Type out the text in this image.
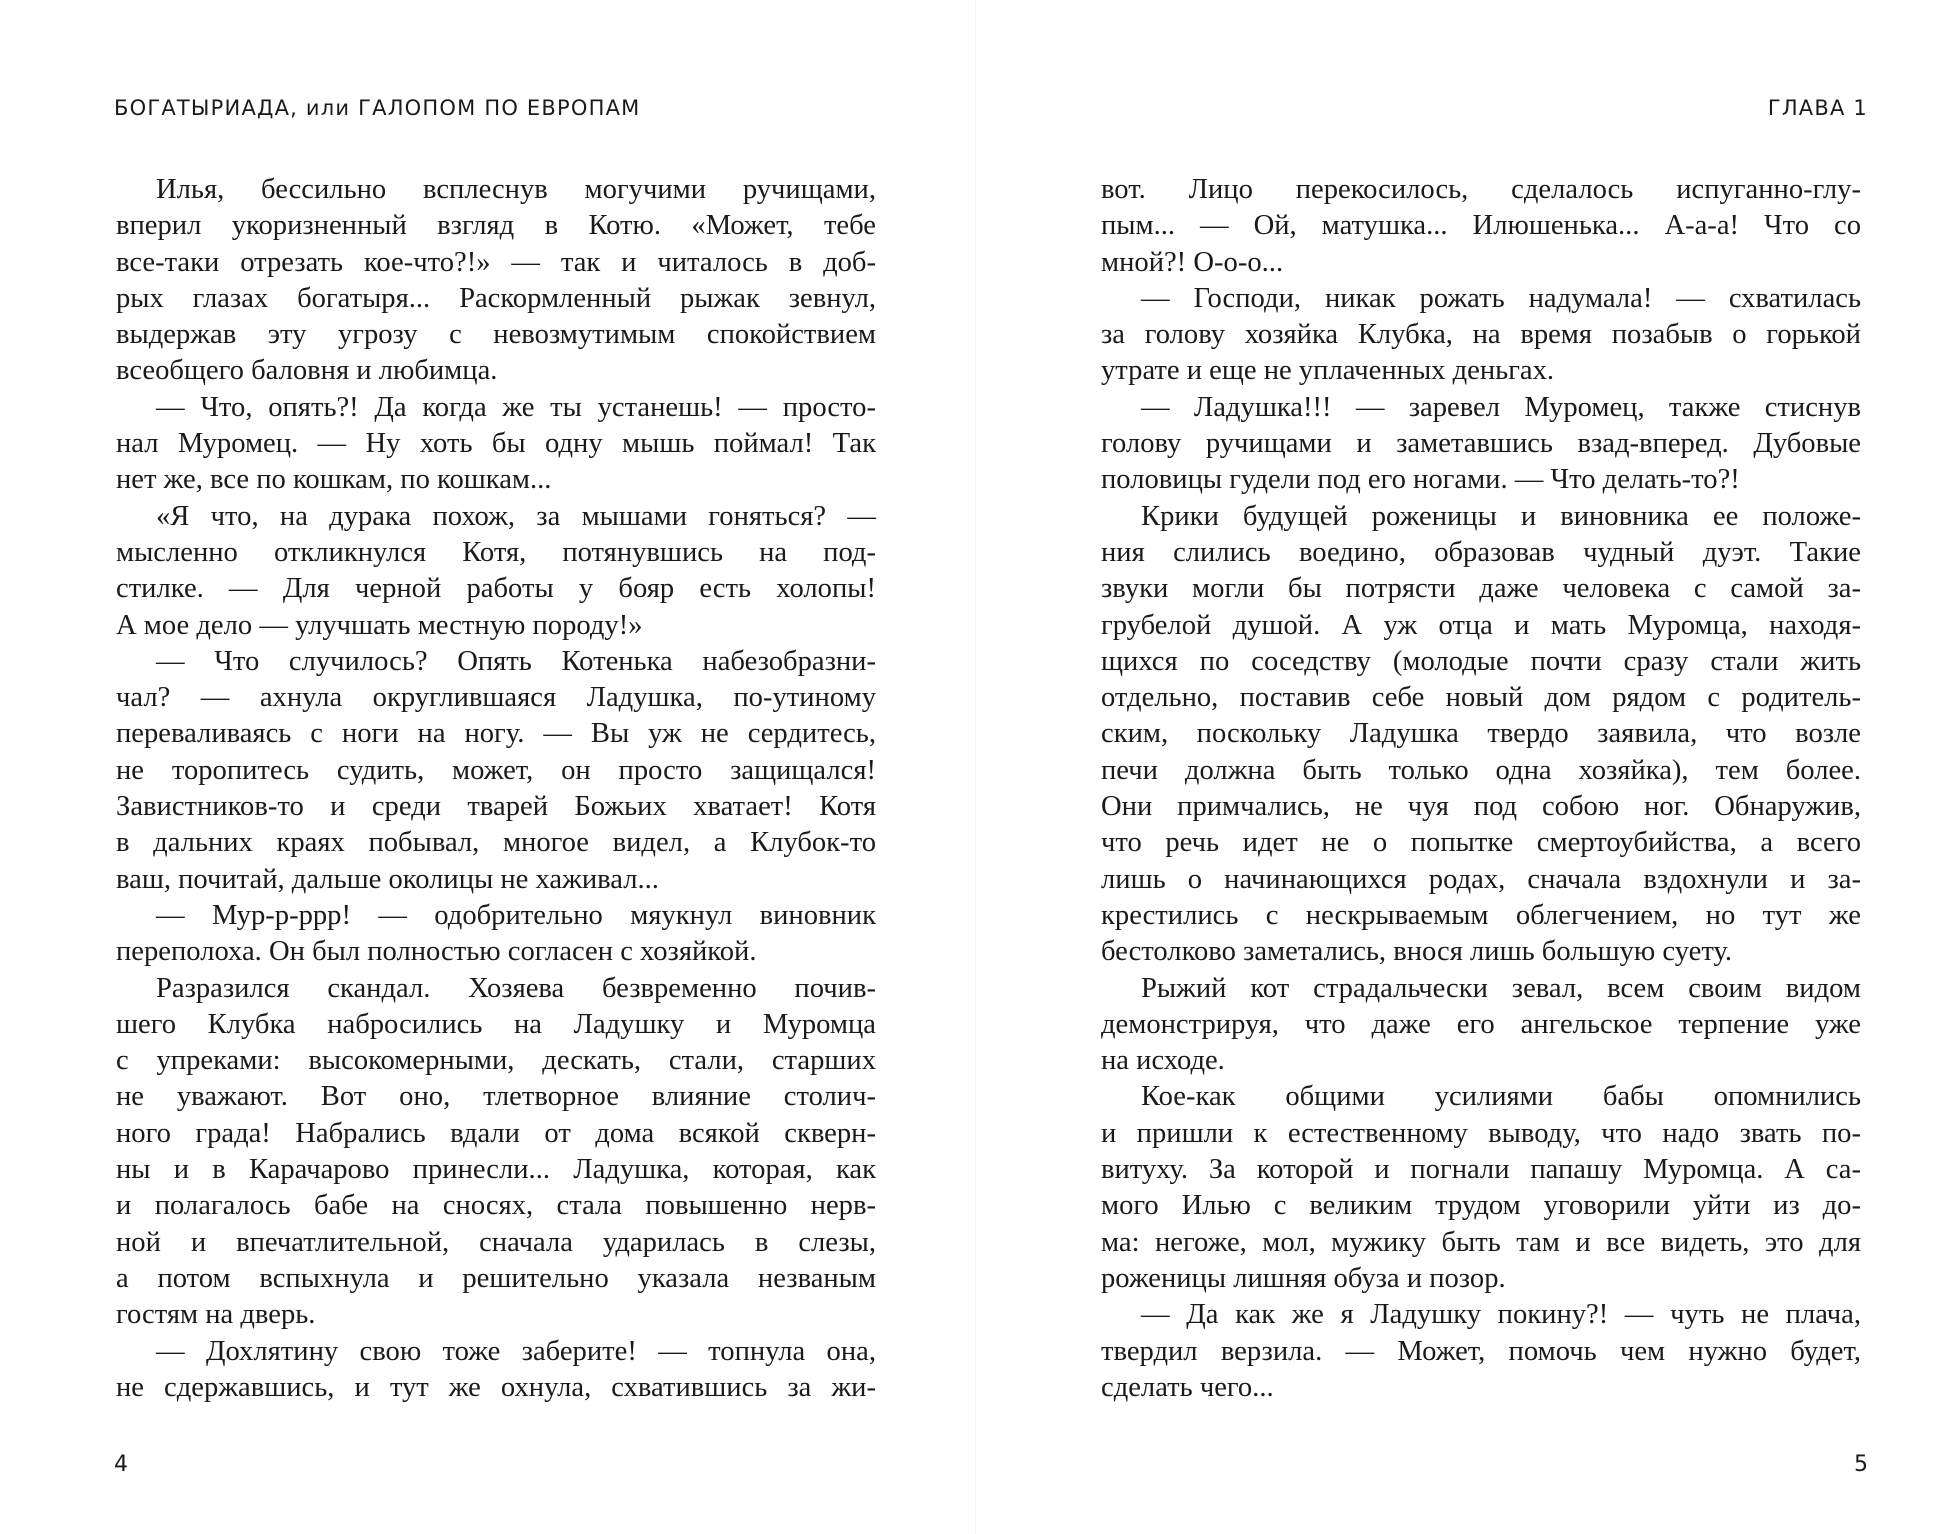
БОГАТЫРИАДА, или ГАЛОПОМ ПО ЕВРОПАМ
Илья, бессильно всплеснув могучими ручищами,
вперил укоризненный взгляд в Котю. «Может, тебе
все-таки отрезать кое-что?!» — так и читалось в доб-
рых глазах богатыря... Раскормленный рыжак зевнул,
выдержав эту угрозу с невозмутимым спокойствием
всеобщего баловня и любимца.
— Что, опять?! Да когда же ты устанешь! — просто-
нал Муромец. — Ну хоть бы одну мышь поймал! Так
нет же, все по кошкам, по кошкам...
«Я что, на дурака похож, за мышами гоняться? —
мысленно откликнулся Котя, потянувшись на под-
стилке. — Для черной работы у бояр есть холопы!
А мое дело — улучшать местную породу!»
— Что случилось? Опять Котенька набезобразни-
чал? — ахнула округлившаяся Ладушка, по-утиному
переваливаясь с ноги на ногу. — Вы уж не сердитесь,
не торопитесь судить, может, он просто защищался!
Завистников-то и среди тварей Божьих хватает! Котя
в дальних краях побывал, многое видел, а Клубок-то
ваш, почитай, дальше околицы не хаживал...
— Мур-р-ррр! — одобрительно мяукнул виновник
переполоха. Он был полностью согласен с хозяйкой.
Разразился скандал. Хозяева безвременно почив-
шего Клубка набросились на Ладушку и Муромца
с упреками: высокомерными, дескать, стали, старших
не уважают. Вот оно, тлетворное влияние столич-
ного града! Набрались вдали от дома всякой скверн-
ны и в Карачарово принесли... Ладушка, которая, как
и полагалось бабе на сносях, стала повышенно нерв-
ной и впечатлительной, сначала ударилась в слезы,
а потом вспыхнула и решительно указала незваным
гостям на дверь.
— Дохлятину свою тоже заберите! — топнула она,
не сдержавшись, и тут же охнула, схватившись за жи-
4
ГЛАВА 1
вот. Лицо перекосилось, сделалось испуганно-глу-
пым... — Ой, матушка... Илюшенька... А-а-а! Что со
мной?! О-о-о...
— Господи, никак рожать надумала! — схватилась
за голову хозяйка Клубка, на время позабыв о горькой
утрате и еще не уплаченных деньгах.
— Ладушка!!! — заревел Муромец, также стиснув
голову ручищами и заметавшись взад-вперед. Дубовые
половицы гудели под его ногами. — Что делать-то?!
Крики будущей роженицы и виновника ее положе-
ния слились воедино, образовав чудный дуэт. Такие
звуки могли бы потрясти даже человека с самой за-
грубелой душой. А уж отца и мать Муромца, находя-
щихся по соседству (молодые почти сразу стали жить
отдельно, поставив себе новый дом рядом с родитель-
ским, поскольку Ладушка твердо заявила, что возле
печи должна быть только одна хозяйка), тем более.
Они примчались, не чуя под собою ног. Обнаружив,
что речь идет не о попытке смертоубийства, а всего
лишь о начинающихся родах, сначала вздохнули и за-
крестились с нескрываемым облегчением, но тут же
бестолково заметались, внося лишь большую суету.
Рыжий кот страдальчески зевал, всем своим видом
демонстрируя, что даже его ангельское терпение уже
на исходе.
Кое-как общими усилиями бабы опомнились
и пришли к естественному выводу, что надо звать по-
витуху. За которой и погнали папашу Муромца. А са-
мого Илью с великим трудом уговорили уйти из до-
ма: негоже, мол, мужику быть там и все видеть, это для
роженицы лишняя обуза и позор.
— Да как же я Ладушку покину?! — чуть не плача,
твердил верзила. — Может, помочь чем нужно будет,
сделать чего...
5
